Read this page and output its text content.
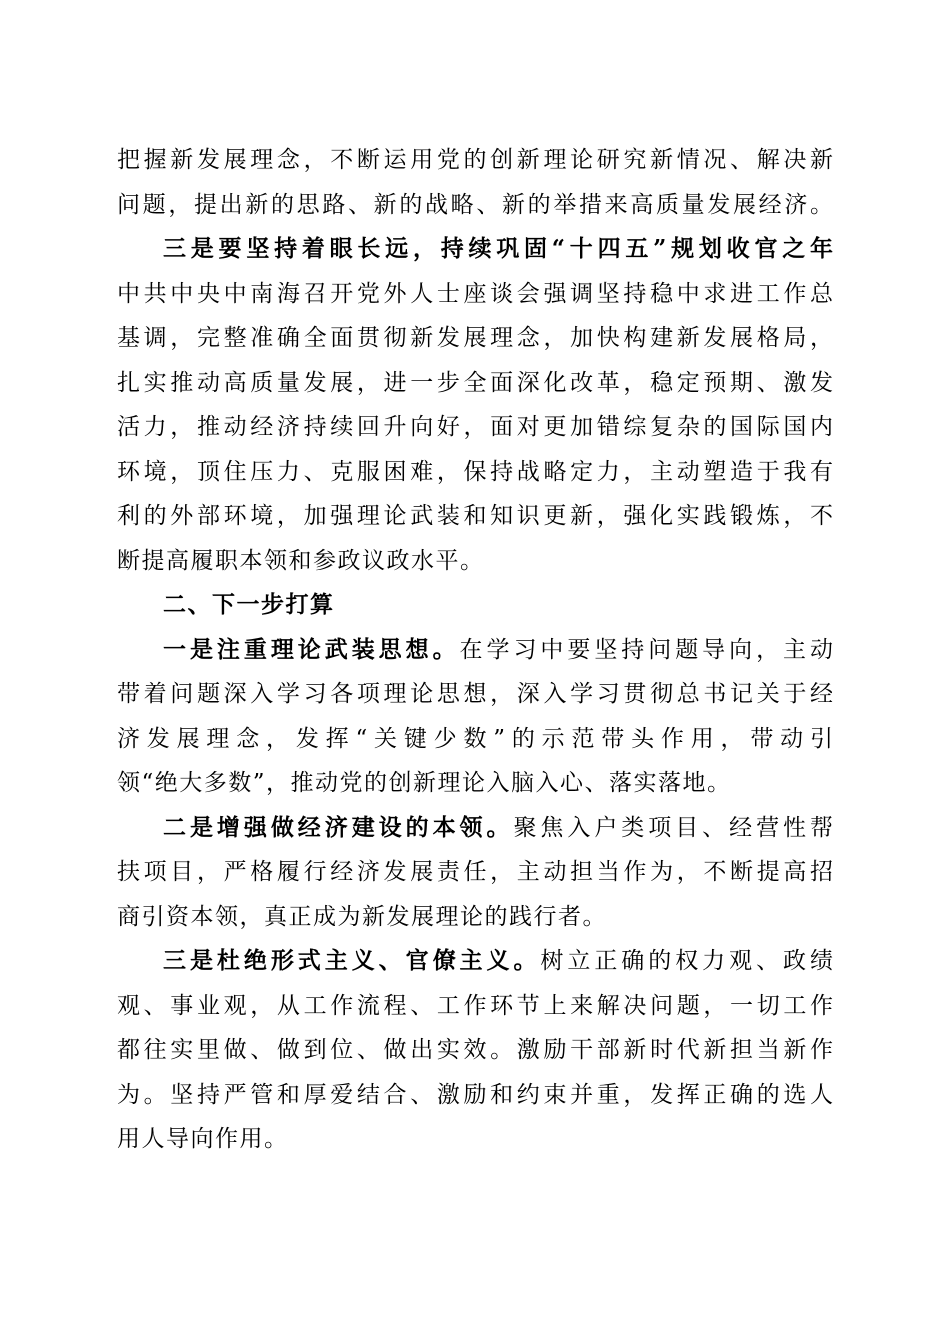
把握新发展理念，不断运用党的创新理论研究新情况、解决新
问题，提出新的思路、新的战略、新的举措来高质量发展经济。
三是要坚持着眼长远，持续巩固“十四五”规划收官之年
中共中央中南海召开党外人士座谈会强调坚持稳中求进工作总
基调，完整准确全面贯彻新发展理念，加快构建新发展格局，
扎实推动高质量发展，进一步全面深化改革，稳定预期、激发
活力，推动经济持续回升向好，面对更加错综复杂的国际国内
环境，顶住压力、克服困难，保持战略定力，主动塑造于我有
利的外部环境，加强理论武装和知识更新，强化实践锻炼，不
断提高履职本领和参政议政水平。
二、下一步打算
一是注重理论武装思想。在学习中要坚持问题导向，主动
带着问题深入学习各项理论思想，深入学习贯彻总书记关于经
济发展理念，发挥“关键少数”的示范带头作用，带动引
领“绝大多数”，推动党的创新理论入脑入心、落实落地。
二是增强做经济建设的本领。聚焦入户类项目、经营性帮
扶项目，严格履行经济发展责任，主动担当作为，不断提高招
商引资本领，真正成为新发展理论的践行者。
三是杜绝形式主义、官僚主义。树立正确的权力观、政绩
观、事业观，从工作流程、工作环节上来解决问题，一切工作
都往实里做、做到位、做出实效。激励干部新时代新担当新作
为。坚持严管和厚爱结合、激励和约束并重，发挥正确的选人
用人导向作用。
